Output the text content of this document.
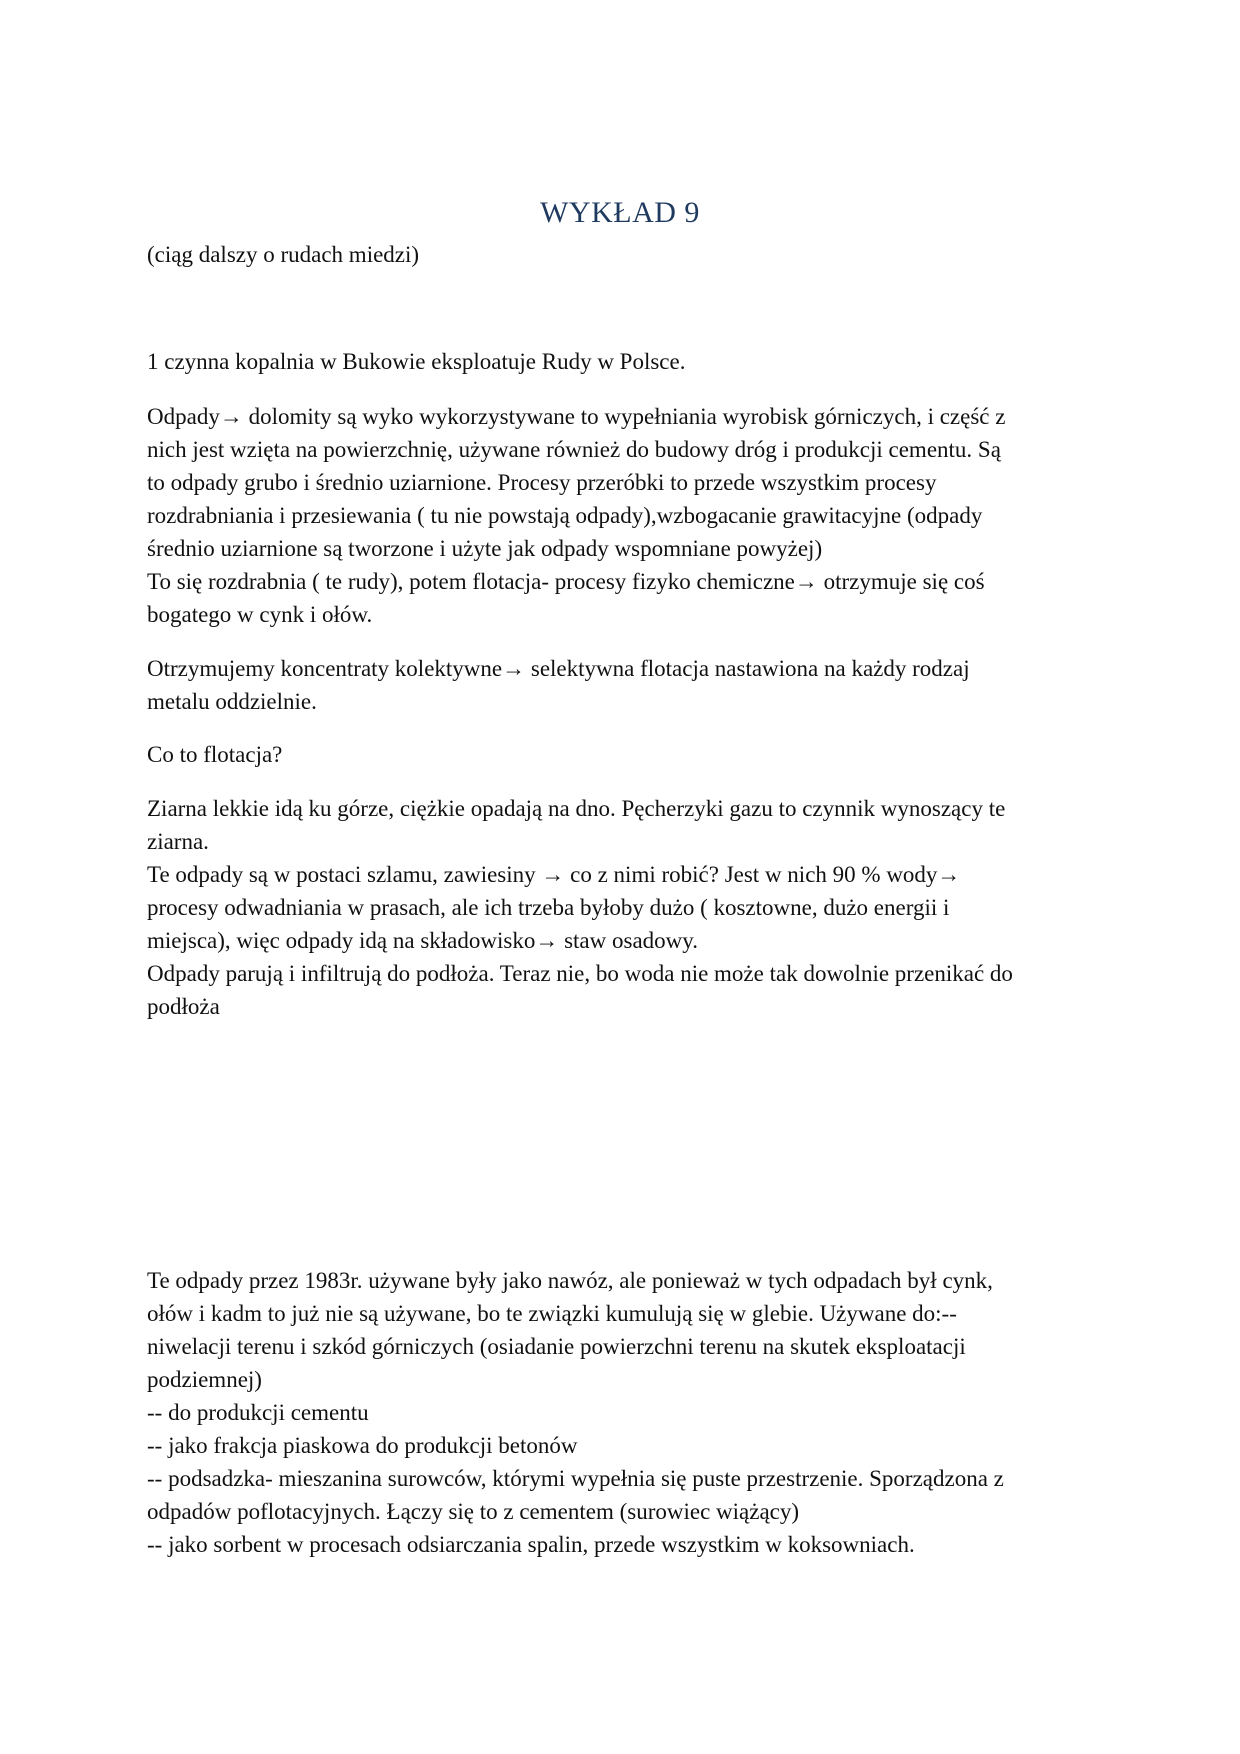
WYKŁAD 9

(ciąg dalszy o rudach miedzi)

1 czynna kopalnia w Bukowie eksploatuje Rudy w Polsce.

Odpady→ dolomity są wyko wykorzystywane to wypełniania wyrobisk górniczych, i część z
nich jest wzięta na powierzchnię, używane również do budowy dróg i produkcji cementu. Są
to odpady grubo i średnio uziarnione. Procesy przeróbki to przede wszystkim procesy
rozdrabniania i przesiewania ( tu nie powstają odpady),wzbogacanie grawitacyjne (odpady
średnio uziarnione są tworzone i użyte jak odpady wspomniane powyżej)
To się rozdrabnia ( te rudy), potem flotacja- procesy fizyko chemiczne→ otrzymuje się coś
bogatego w cynk i ołów.

Otrzymujemy koncentraty kolektywne→ selektywna flotacja nastawiona na każdy rodzaj
metalu oddzielnie.

Co to flotacja?

Ziarna lekkie idą ku górze, ciężkie opadają na dno. Pęcherzyki gazu to czynnik wynoszący te
ziarna.
Te odpady są w postaci szlamu, zawiesiny → co z nimi robić? Jest w nich 90 % wody→
procesy odwadniania w prasach, ale ich trzeba byłoby dużo ( kosztowne, dużo energii i
miejsca), więc odpady idą na składowisko→ staw osadowy.
Odpady parują i infiltrują do podłoża. Teraz nie, bo woda nie może tak dowolnie przenikać do
podłoża

Te odpady przez 1983r. używane były jako nawóz, ale ponieważ w tych odpadach był cynk,
ołów i kadm to już nie są używane, bo te związki kumulują się w glebie. Używane do:--
niwelacji terenu i szkód górniczych (osiadanie powierzchni terenu na skutek eksploatacji
podziemnej)
-- do produkcji cementu
-- jako frakcja piaskowa do produkcji betonów
-- podsadzka- mieszanina surowców, którymi wypełnia się puste przestrzenie. Sporządzona z
odpadów poflotacyjnych. Łączy się to z cementem (surowiec wiążący)
-- jako sorbent w procesach odsiarczania spalin, przede wszystkim w koksowniach.
